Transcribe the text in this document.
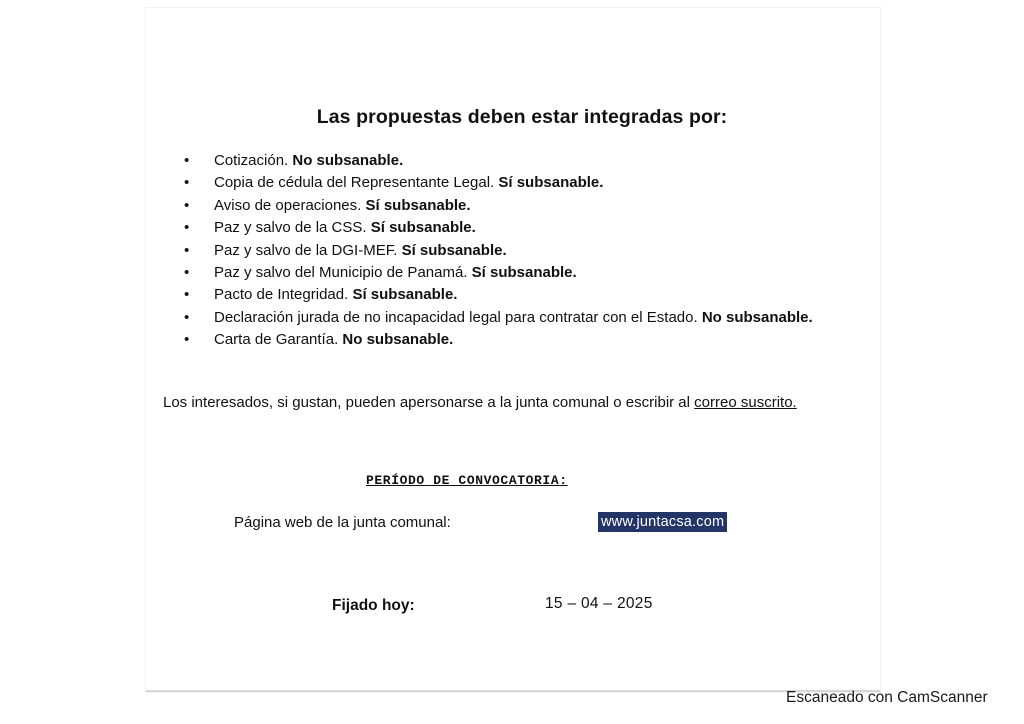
Las propuestas deben estar integradas por:
• Cotización. No subsanable.
• Copia de cédula del Representante Legal. Sí subsanable.
• Aviso de operaciones. Sí subsanable.
• Paz y salvo de la CSS. Sí subsanable.
• Paz y salvo de la DGI-MEF. Sí subsanable.
• Paz y salvo del Municipio de Panamá. Sí subsanable.
• Pacto de Integridad. Sí subsanable.
• Declaración jurada de no incapacidad legal para contratar con el Estado. No subsanable.
• Carta de Garantía. No subsanable.
Los interesados, si gustan, pueden apersonarse a la junta comunal o escribir al correo suscrito.
PERÍODO DE CONVOCATORIA:
Página web de la junta comunal:	www.juntacsa.com
Fijado hoy:	15 – 04 – 2025
Escaneado con CamScanner
